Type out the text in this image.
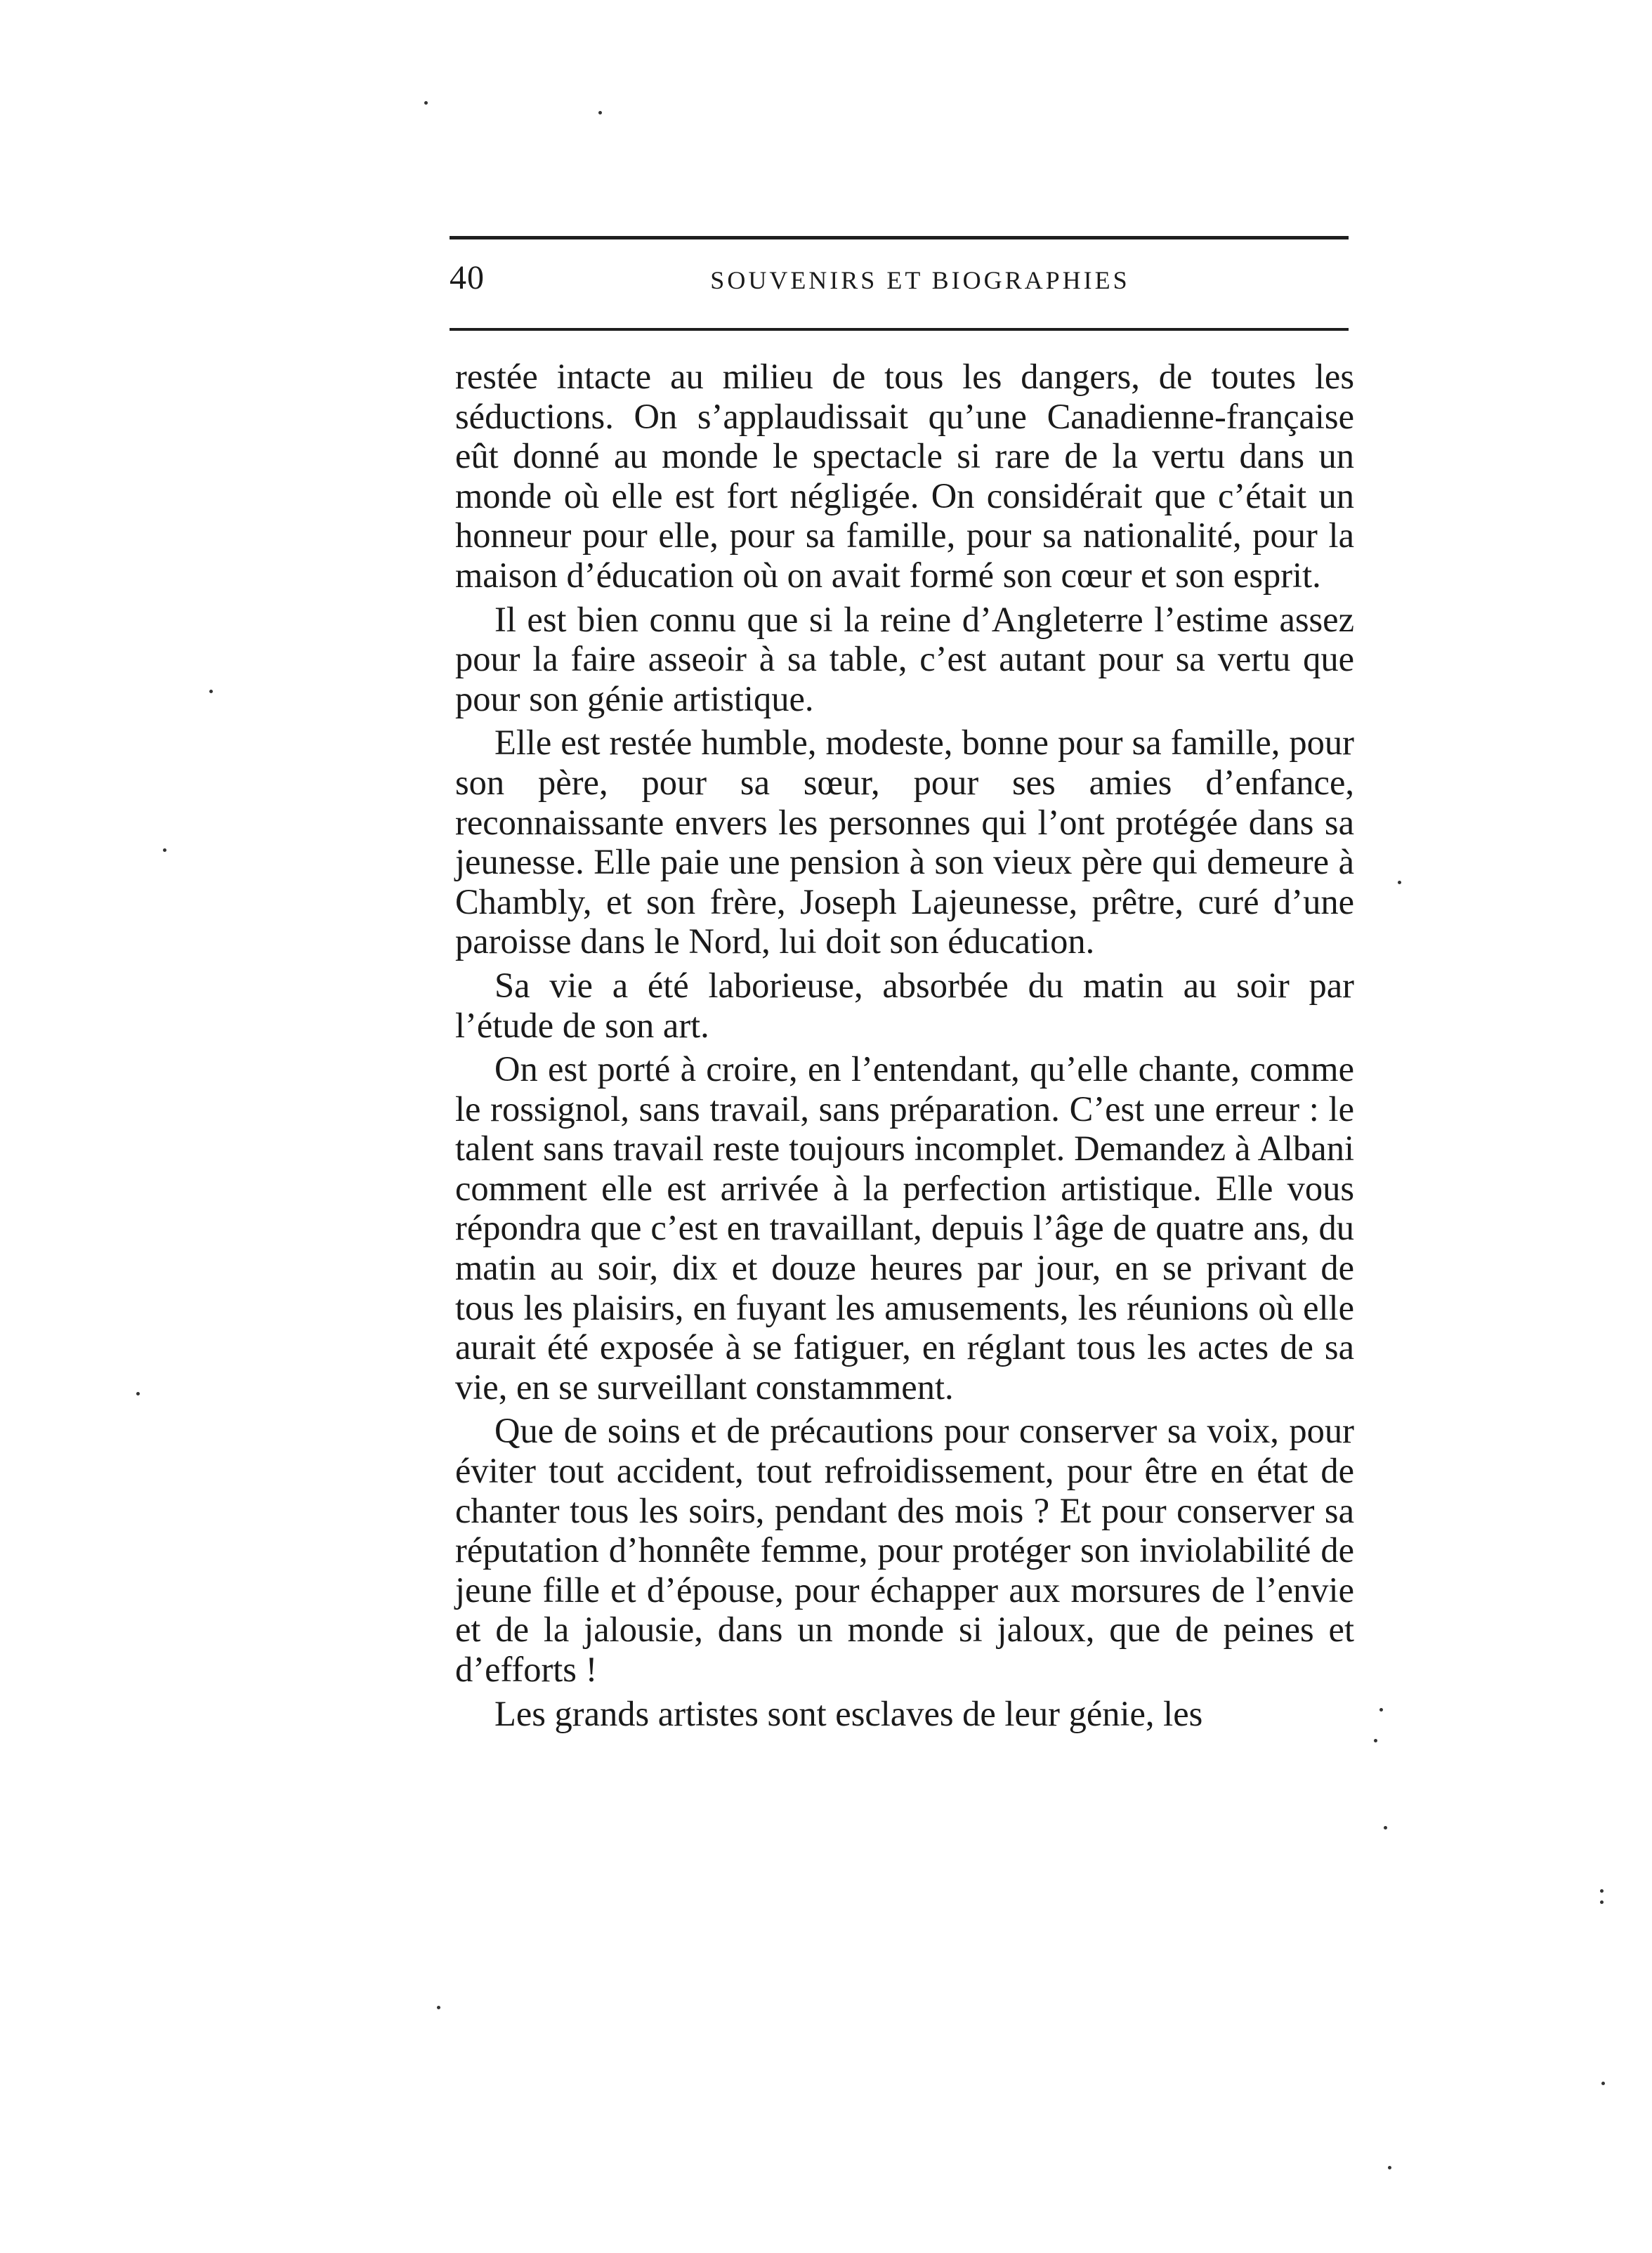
40	SOUVENIRS ET BIOGRAPHIES

restée intacte au milieu de tous les dangers, de toutes les séductions. On s’applaudissait qu’une Canadienne-française eût donné au monde le spectacle si rare de la vertu dans un monde où elle est fort négligée. On considérait que c’était un honneur pour elle, pour sa famille, pour sa nationalité, pour la maison d’éducation où on avait formé son cœur et son esprit.

Il est bien connu que si la reine d’Angleterre l’estime assez pour la faire asseoir à sa table, c’est autant pour sa vertu que pour son génie artistique.

Elle est restée humble, modeste, bonne pour sa famille, pour son père, pour sa sœur, pour ses amies d’enfance, reconnaissante envers les personnes qui l’ont protégée dans sa jeunesse. Elle paie une pension à son vieux père qui demeure à Chambly, et son frère, Joseph Lajeunesse, prêtre, curé d’une paroisse dans le Nord, lui doit son éducation.

Sa vie a été laborieuse, absorbée du matin au soir par l’étude de son art.

On est porté à croire, en l’entendant, qu’elle chante, comme le rossignol, sans travail, sans préparation. C’est une erreur : le talent sans travail reste toujours incomplet. Demandez à Albani comment elle est arrivée à la perfection artistique. Elle vous répondra que c’est en travaillant, depuis l’âge de quatre ans, du matin au soir, dix et douze heures par jour, en se privant de tous les plaisirs, en fuyant les amusements, les réunions où elle aurait été exposée à se fatiguer, en réglant tous les actes de sa vie, en se surveillant constamment.

Que de soins et de précautions pour conserver sa voix, pour éviter tout accident, tout refroidissement, pour être en état de chanter tous les soirs, pendant des mois ? Et pour conserver sa réputation d’honnête femme, pour protéger son inviolabilité de jeune fille et d’épouse, pour échapper aux morsures de l’envie et de la jalousie, dans un monde si jaloux, que de peines et d’efforts !

Les grands artistes sont esclaves de leur génie, les
